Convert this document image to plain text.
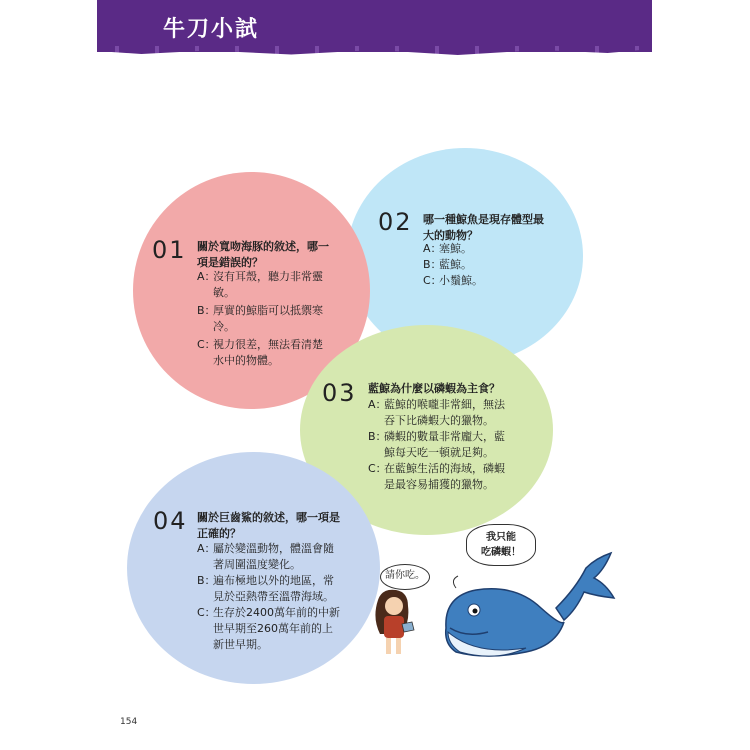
牛刀小試
01 關於寬吻海豚的敘述，哪一
項是錯誤的？
A：
沒有耳殼，聽力非常靈
敏。
B：
厚實的鯨脂可以抵禦寒
冷。
C：
視力很差，無法看清楚
水中的物體。
02 哪一種鯨魚是現存體型最
大的動物？
A：
塞鯨。
B：
藍鯨。
C：
小鬚鯨。
03 藍鯨為什麼以磷蝦為主食？
A：
藍鯨的喉嚨非常細，無法
吞下比磷蝦大的獵物。
B：
磷蝦的數量非常龐大，藍
鯨每天吃一頓就足夠。
C：
在藍鯨生活的海域，磷蝦
是最容易捕獲的獵物。
04 關於巨齒鯊的敘述，哪一項是
正確的？
A：
屬於變溫動物，體溫會隨
著周圍溫度變化。
B：
遍布極地以外的地區，常
見於亞熱帶至溫帶海域。
C：
生存於2400萬年前的中新
世早期至260萬年前的上
新世早期。
我只能
吃磷蝦！
請你吃。
154
